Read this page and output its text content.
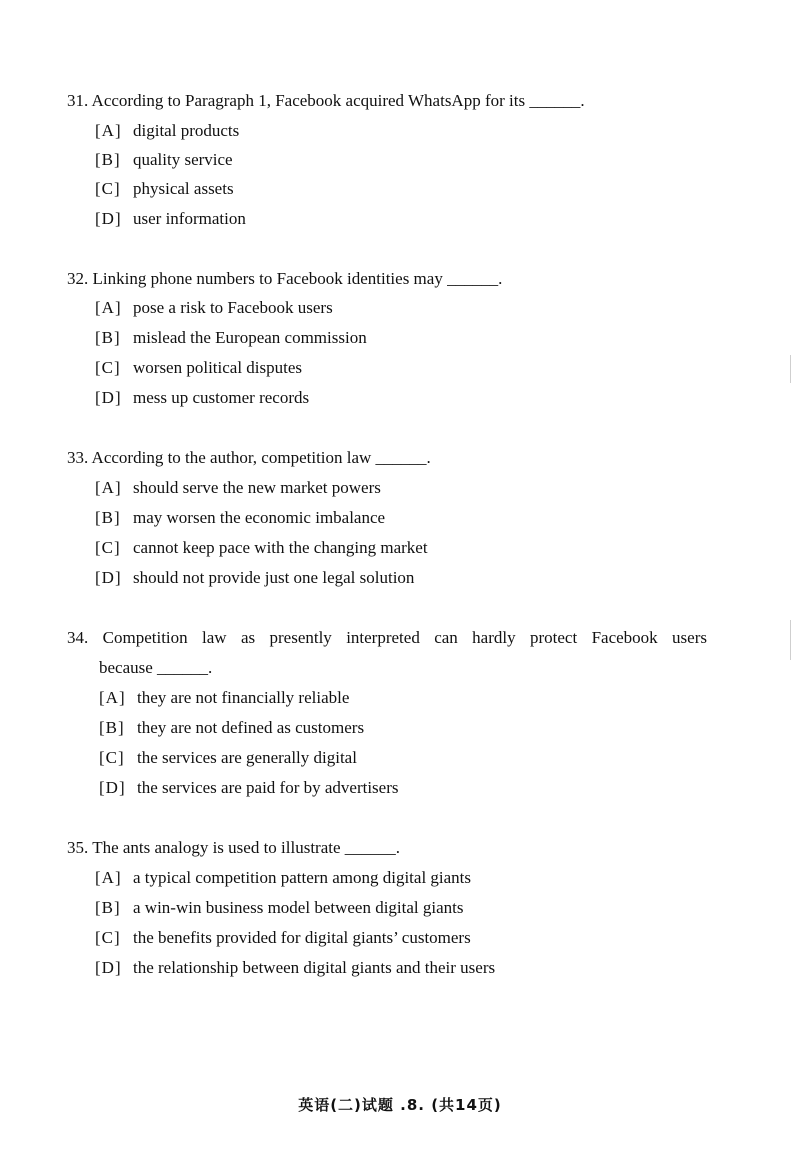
31. According to Paragraph 1, Facebook acquired WhatsApp for its ______.
[A] digital products
[B] quality service
[C] physical assets
[D] user information
32. Linking phone numbers to Facebook identities may ______.
[A] pose a risk to Facebook users
[B] mislead the European commission
[C] worsen political disputes
[D] mess up customer records
33. According to the author, competition law ______.
[A] should serve the new market powers
[B] may worsen the economic imbalance
[C] cannot keep pace with the changing market
[D] should not provide just one legal solution
34. Competition law as presently interpreted can hardly protect Facebook users
because ______.
[A] they are not financially reliable
[B] they are not defined as customers
[C] the services are generally digital
[D] the services are paid for by advertisers
35. The ants analogy is used to illustrate ______.
[A] a typical competition pattern among digital giants
[B] a win-win business model between digital giants
[C] the benefits provided for digital giants’ customers
[D] the relationship between digital giants and their users
英语(二)试题 .8. (共14页)
